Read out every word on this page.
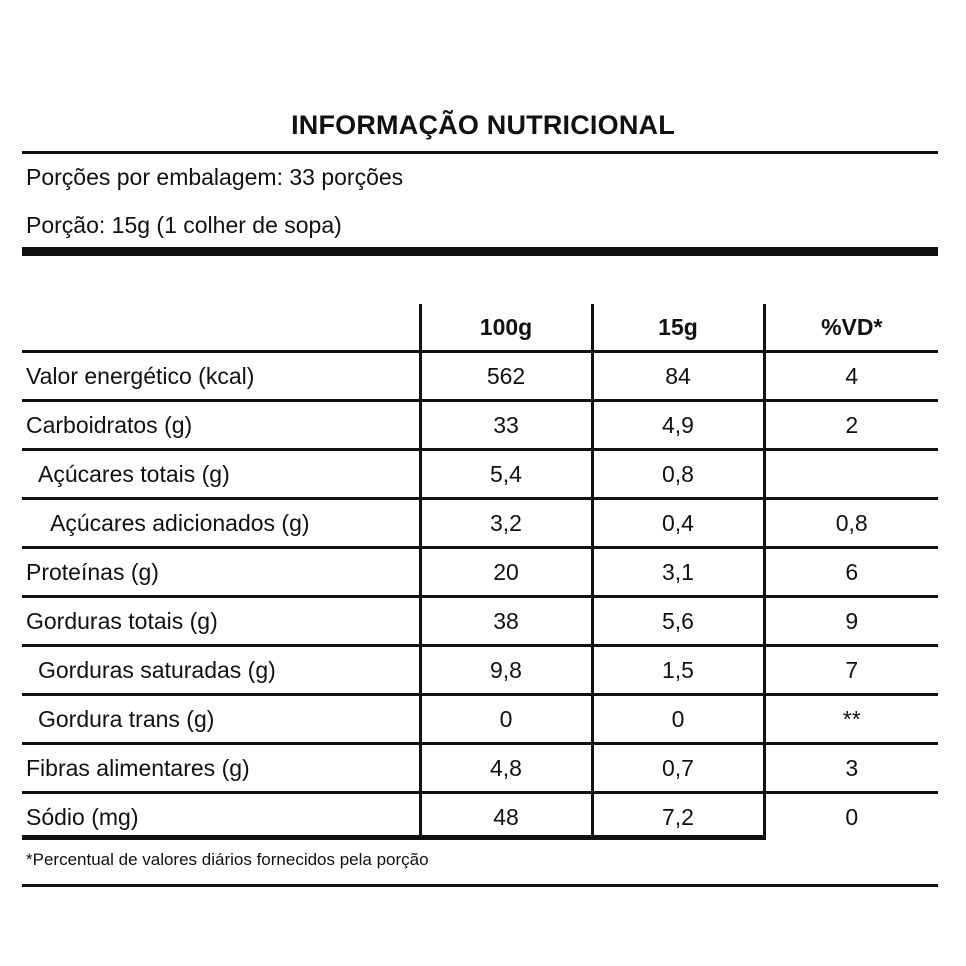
INFORMAÇÃO NUTRICIONAL
Porções por embalagem: 33 porções
Porção: 15g (1 colher de sopa)
	100g	15g	%VD*
Valor energético (kcal)	562	84	4
Carboidratos (g)	33	4,9	2
Açúcares totais (g)	5,4	0,8	
Açúcares adicionados (g)	3,2	0,4	0,8
Proteínas (g)	20	3,1	6
Gorduras totais (g)	38	5,6	9
Gorduras saturadas (g)	9,8	1,5	7
Gordura trans (g)	0	0	**
Fibras alimentares (g)	4,8	0,7	3
Sódio (mg)	48	7,2	0
*Percentual de valores diários fornecidos pela porção
